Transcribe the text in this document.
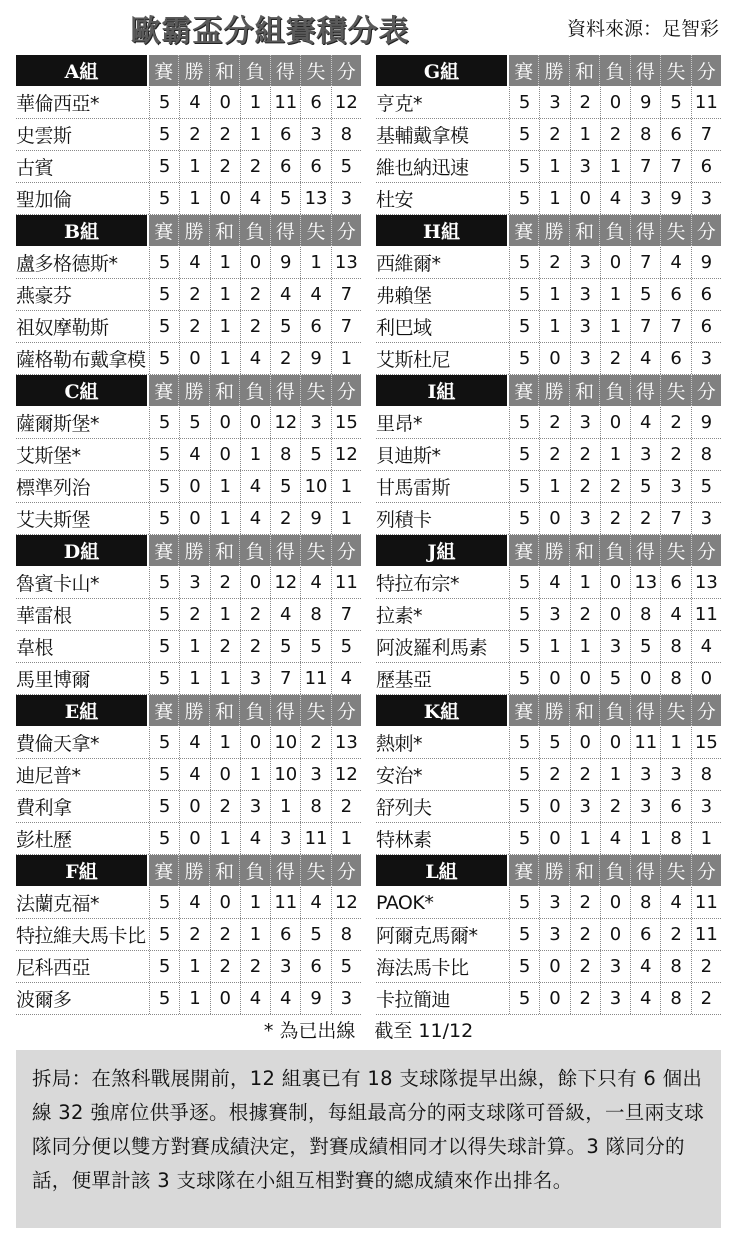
歐霸盃分組賽積分表	資料來源：足智彩
A組	賽 勝 和 負 得 失 分
華倫西亞*	5	4	0	1 11 6 12
史雲斯	5	2	2	1	6	3	8
古賓	5	1	2	2	6	6	5
聖加倫	5	1	0	4	5 13 3
B組	賽 勝 和 負 得 失 分
盧多格德斯*	5	4	1	0	9	1 13
燕豪芬	5	2	1	2	4	4	7
祖奴摩勒斯	5	2	1	2	5	6	7
薩格勒布戴拿模 5	0	1	4	2	9	1
C組	賽 勝 和 負 得 失 分
薩爾斯堡*	5	5	0	0 12 3 15
艾斯堡*	5	4	0	1	8	5 12
標準列治	5	0	1	4	5 10 1
艾夫斯堡	5	0	1	4	2	9	1
D組	賽 勝 和 負 得 失 分
魯賓卡山*	5	3	2	0 12 4 11
華雷根	5	2	1	2	4	8	7
韋根	5	1	2	2	5	5	5
馬里博爾	5	1	1	3	7 11 4
E組	賽 勝 和 負 得 失 分
費倫天拿*	5	4	1	0 10 2 13
迪尼普*	5	4	0	1 10 3 12
費利拿	5	0	2	3	1	8	2
彭杜歷	5	0	1	4	3 11 1
F組	賽 勝 和 負 得 失 分
法蘭克福*	5	4	0	1 11 4 12
特拉維夫馬卡比 5	2	2	1	6	5	8
尼科西亞	5	1	2	2	3	6	5
波爾多	5	1	0	4	4	9	3
G組	賽 勝 和 負 得 失 分
亨克*	5	3	2	0	9	5 11
基輔戴拿模	5	2	1	2	8	6	7
維也納迅速	5	1	3	1	7	7	6
杜安	5	1	0	4	3	9	3
H組	賽 勝 和 負 得 失 分
西維爾*	5	2	3	0	7	4	9
弗賴堡	5	1	3	1	5	6	6
利巴域	5	1	3	1	7	7	6
艾斯杜尼	5	0	3	2	4	6	3
I組	賽 勝 和 負 得 失 分
里昂*	5	2	3	0	4	2	9
貝迪斯*	5	2	2	1	3	2	8
甘馬雷斯	5	1	2	2	5	3	5
列積卡	5	0	3	2	2	7	3
J組	賽 勝 和 負 得 失 分
特拉布宗*	5	4	1	0 13 6 13
拉素*	5	3	2	0	8	4 11
阿波羅利馬素	5	1	1	3	5	8	4
歷基亞	5	0	0	5	0	8	0
K組	賽 勝 和 負 得 失 分
熱刺*	5	5	0	0 11 1 15
安治*	5	2	2	1	3	3	8
舒列夫	5	0	3	2	3	6	3
特林素	5	0	1	4	1	8	1
L組	賽 勝 和 負 得 失 分
PAOK*	5	3	2	0	8	4 11
阿爾克馬爾*	5	3	2	0	6	2 11
海法馬卡比	5	0	2	3	4	8	2
卡拉簡迪	5	0	2	3	4	8	2
* 為已出線　截至 11/12
拆局：在煞科戰展開前，12 組裏已有 18 支球隊提早出線，餘下只有 6 個出線 32 強席位供爭逐。根據賽制，每組最高分的兩支球隊可晉級，一旦兩支球隊同分便以雙方對賽成績決定，對賽成績相同才以得失球計算。3 隊同分的話，便單計該 3 支球隊在小組互相對賽的總成績來作出排名。
